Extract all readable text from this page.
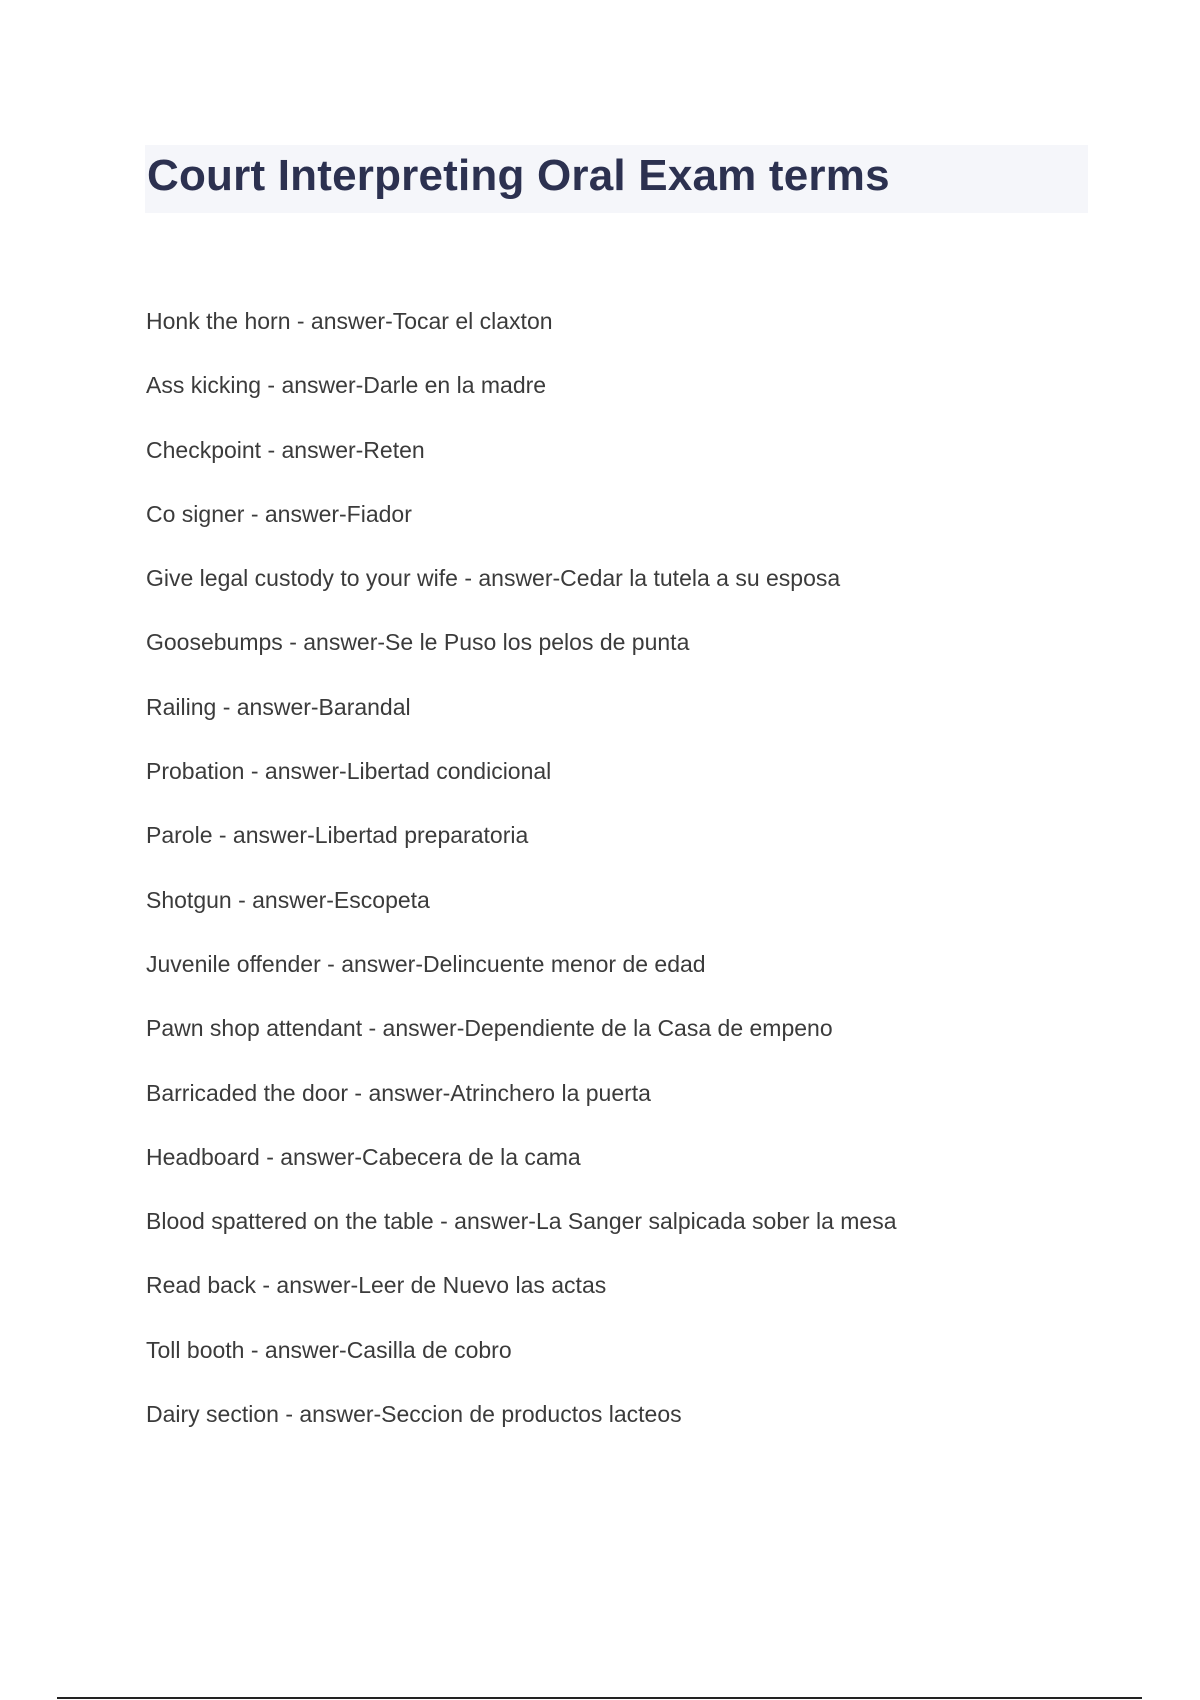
Court Interpreting Oral Exam terms
Honk the horn - answer-Tocar el claxton
Ass kicking - answer-Darle en la madre
Checkpoint - answer-Reten
Co signer - answer-Fiador
Give legal custody to your wife - answer-Cedar la tutela a su esposa
Goosebumps - answer-Se le Puso los pelos de punta
Railing - answer-Barandal
Probation - answer-Libertad condicional
Parole - answer-Libertad preparatoria
Shotgun - answer-Escopeta
Juvenile offender - answer-Delincuente menor de edad
Pawn shop attendant - answer-Dependiente de la Casa de empeno
Barricaded the door - answer-Atrinchero la puerta
Headboard - answer-Cabecera de la cama
Blood spattered on the table - answer-La Sanger salpicada sober la mesa
Read back - answer-Leer de Nuevo las actas
Toll booth - answer-Casilla de cobro
Dairy section - answer-Seccion de productos lacteos
